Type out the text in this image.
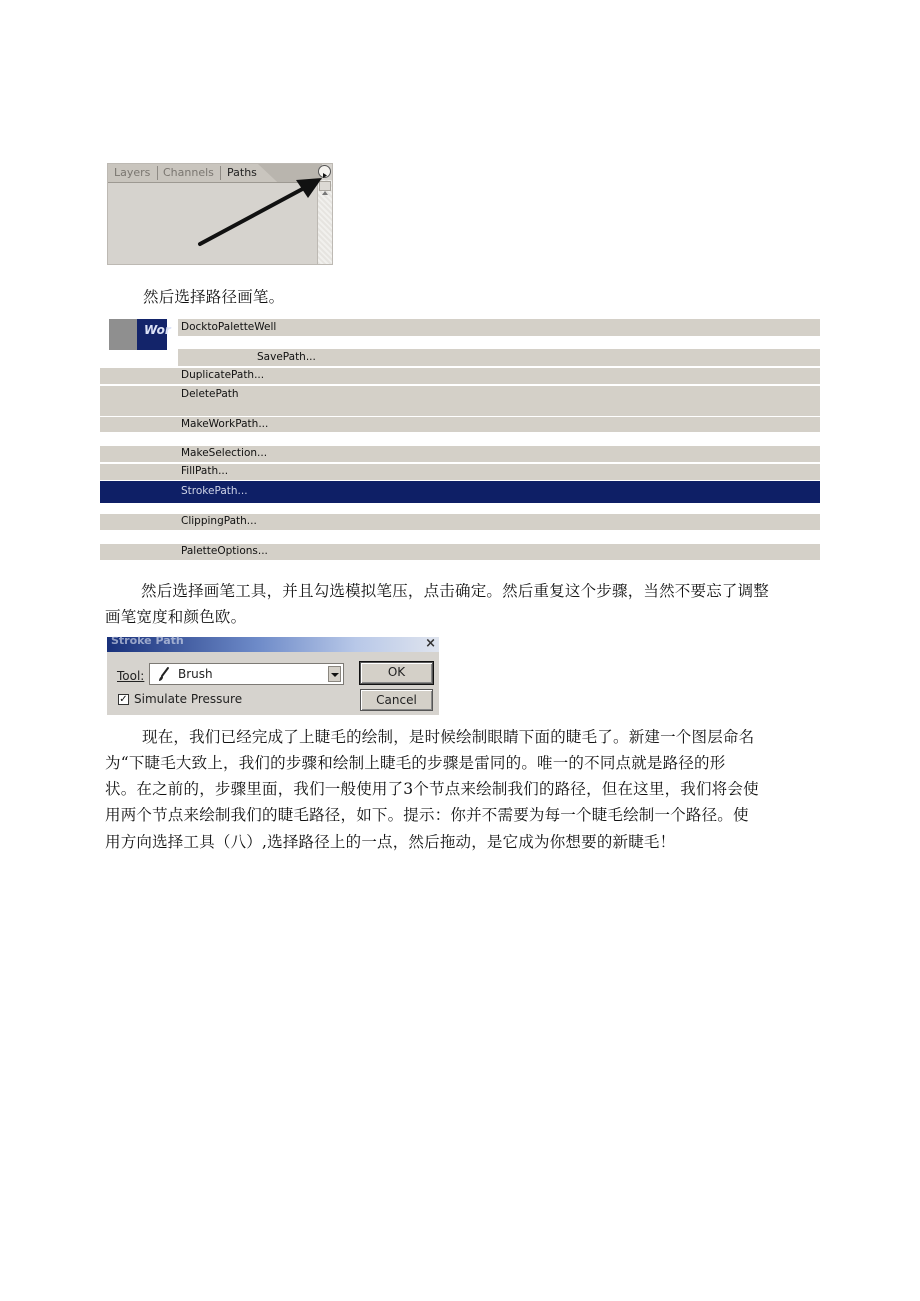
Layers Channels Paths
然后选择路径画笔。
Wor DocktoPaletteWell
SavePath...
DuplicatePath...
DeletePath
MakeWorkPath...
MakeSelection...
FillPath...
StrokePath...
ClippingPath...
PaletteOptions...
然后选择画笔工具，并且勾选模拟笔压，点击确定。然后重复这个步骤，当然不要忘了调整
画笔宽度和颜色欧。
Stroke Path	×
Tool:	Brush	OK
Cancel
✓ Simulate Pressure
现在，我们已经完成了上睫毛的绘制，是时候绘制眼睛下面的睫毛了。新建一个图层命名
为“下睫毛大致上，我们的步骤和绘制上睫毛的步骤是雷同的。唯一的不同点就是路径的形
状。在之前的，步骤里面，我们一般使用了3个节点来绘制我们的路径，但在这里，我们将会使
用两个节点来绘制我们的睫毛路径，如下。提示：你并不需要为每一个睫毛绘制一个路径。使
用方向选择工具（八）,选择路径上的一点，然后拖动，是它成为你想要的新睫毛！
